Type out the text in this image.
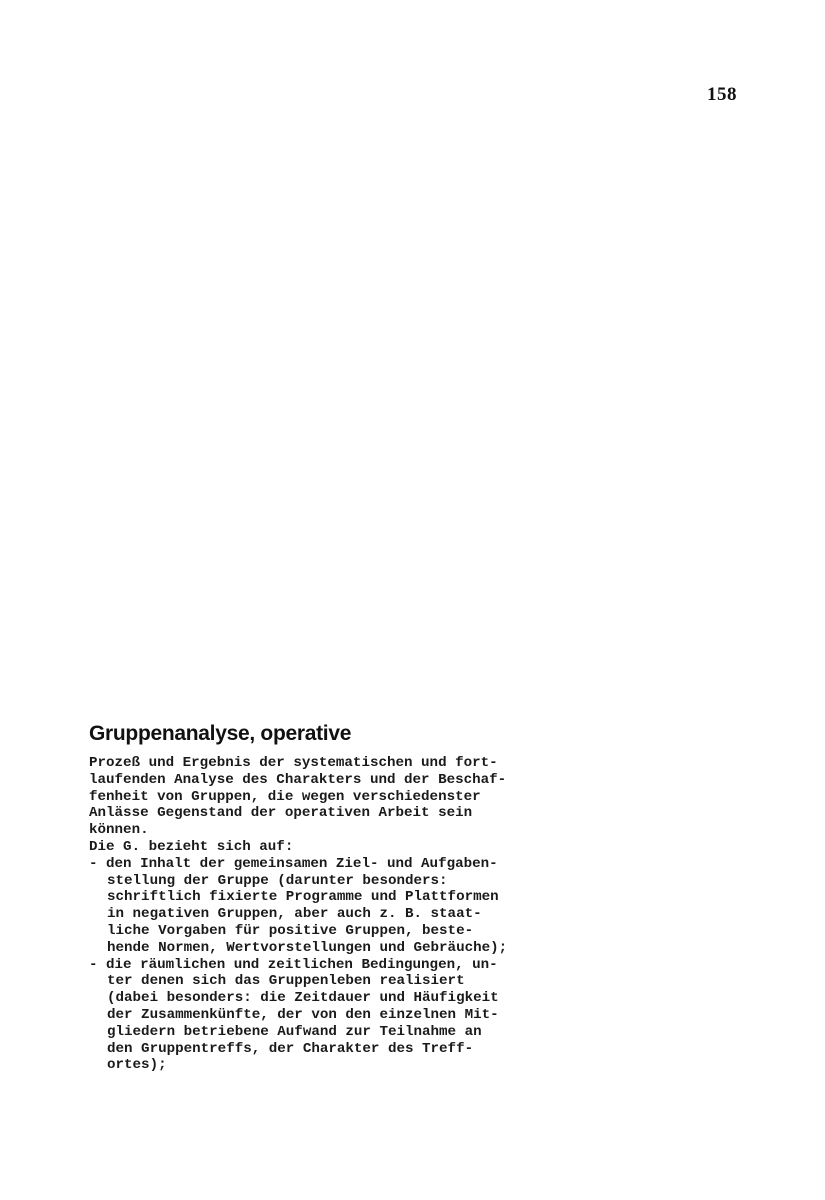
158
Gruppenanalyse, operative
Prozeß und Ergebnis der systematischen und fort-
laufenden Analyse des Charakters und der Beschaf-
fenheit von Gruppen, die wegen verschiedenster
Anlässe Gegenstand der operativen Arbeit sein
können.
Die G. bezieht sich auf:
- den Inhalt der gemeinsamen Ziel- und Aufgaben-
stellung der Gruppe (darunter besonders:
schriftlich fixierte Programme und Plattformen
in negativen Gruppen, aber auch z. B. staat-
liche Vorgaben für positive Gruppen, beste-
hende Normen, Wertvorstellungen und Gebräuche);
- die räumlichen und zeitlichen Bedingungen, un-
ter denen sich das Gruppenleben realisiert
(dabei besonders: die Zeitdauer und Häufigkeit
der Zusammenkünfte, der von den einzelnen Mit-
gliedern betriebene Aufwand zur Teilnahme an
den Gruppentreffs, der Charakter des Treff-
ortes);
